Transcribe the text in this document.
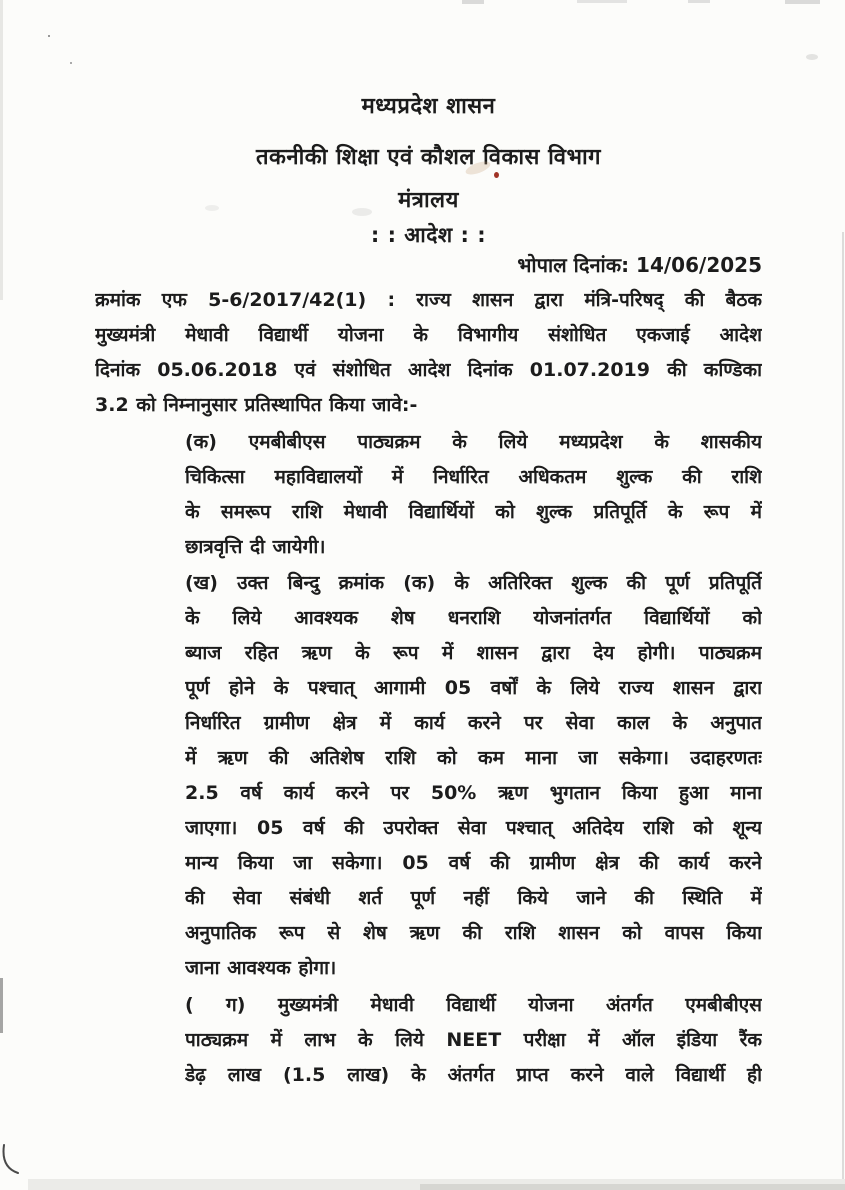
मध्यप्रदेश शासन
तकनीकी शिक्षा एवं कौशल विकास विभाग
मंत्रालय
: : आदेश : :
भोपाल दिनांक: 14/06/2025
क्रमांक एफ 5-6/2017/42(1) : राज्य शासन द्वारा मंत्रि-परिषद् की बैठक
मुख्यमंत्री मेधावी विद्यार्थी योजना के विभागीय संशोधित एकजाई आदेश
दिनांक 05.06.2018 एवं संशोधित आदेश दिनांक 01.07.2019 की कण्डिका
3.2 को निम्नानुसार प्रतिस्थापित किया जावे:-
(क) एमबीबीएस पाठ्यक्रम के लिये मध्यप्रदेश के शासकीय
चिकित्सा महाविद्यालयों में निर्धारित अधिकतम शुल्क की राशि
के समरूप राशि मेधावी विद्यार्थियों को शुल्क प्रतिपूर्ति के रूप में
छात्रवृत्ति दी जायेगी।
(ख) उक्त बिन्दु क्रमांक (क) के अतिरिक्त शुल्क की पूर्ण प्रतिपूर्ति
के लिये आवश्यक शेष धनराशि योजनांतर्गत विद्यार्थियों को
ब्याज रहित ऋण के रूप में शासन द्वारा देय होगी। पाठ्यक्रम
पूर्ण होने के पश्चात् आगामी 05 वर्षों के लिये राज्य शासन द्वारा
निर्धारित ग्रामीण क्षेत्र में कार्य करने पर सेवा काल के अनुपात
में ऋण की अतिशेष राशि को कम माना जा सकेगा। उदाहरणतः
2.5 वर्ष कार्य करने पर 50% ऋण भुगतान किया हुआ माना
जाएगा। 05 वर्ष की उपरोक्त सेवा पश्चात् अतिदेय राशि को शून्य
मान्य किया जा सकेगा। 05 वर्ष की ग्रामीण क्षेत्र की कार्य करने
की सेवा संबंधी शर्त पूर्ण नहीं किये जाने की स्थिति में
अनुपातिक रूप से शेष ऋण की राशि शासन को वापस किया
जाना आवश्यक होगा।
( ग) मुख्यमंत्री मेधावी विद्यार्थी योजना अंतर्गत एमबीबीएस
पाठ्यक्रम में लाभ के लिये NEET परीक्षा में ऑल इंडिया रैंक
डेढ़ लाख (1.5 लाख) के अंतर्गत प्राप्त करने वाले विद्यार्थी ही
